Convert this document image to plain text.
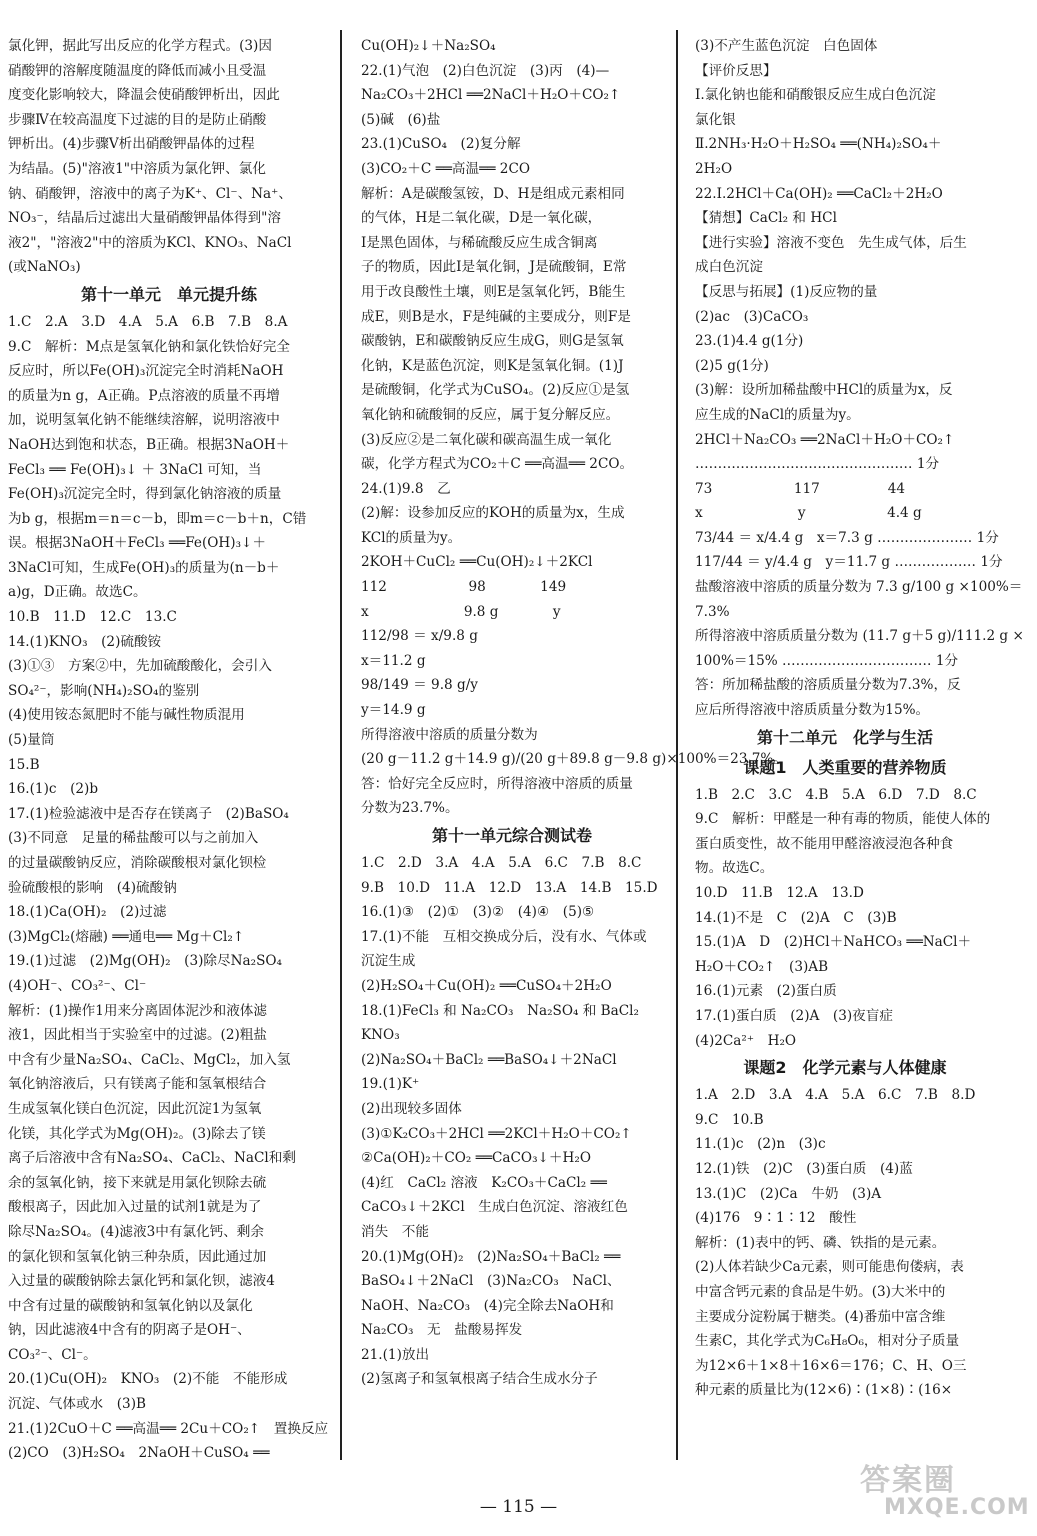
氯化钾，据此写出反应的化学方程式。(3)因
硝酸钾的溶解度随温度的降低而减小且受温
度变化影响较大，降温会使硝酸钾析出，因此
步骤Ⅳ在较高温度下过滤的目的是防止硝酸
钾析出。(4)步骤Ⅴ析出硝酸钾晶体的过程
为结晶。(5)"溶液1"中溶质为氯化钾、氯化
钠、硝酸钾，溶液中的离子为K⁺、Cl⁻、Na⁺、
NO₃⁻，结晶后过滤出大量硝酸钾晶体得到"溶
液2"，"溶液2"中的溶质为KCl、KNO₃、NaCl
(或NaNO₃)
第十一单元　单元提升练
1.C　2.A　3.D　4.A　5.A　6.B　7.B　8.A
9.C　解析：M点是氢氧化钠和氯化铁恰好完全
反应时，所以Fe(OH)₃沉淀完全时消耗NaOH
的质量为n g，A正确。P点溶液的质量不再增
加，说明氢氧化钠不能继续溶解，说明溶液中
NaOH达到饱和状态，B正确。根据3NaOH＋
FeCl₃ ══ Fe(OH)₃↓ ＋ 3NaCl 可知，当
Fe(OH)₃沉淀完全时，得到氯化钠溶液的质量
为b g，根据m＝n＝c－b，即m＝c－b＋n，C错
误。根据3NaOH＋FeCl₃ ══Fe(OH)₃↓＋
3NaCl可知，生成Fe(OH)₃的质量为(n－b＋
a)g，D正确。故选C。
10.B　11.D　12.C　13.C
14.(1)KNO₃　(2)硫酸铵
(3)①③　方案②中，先加硫酸酸化，会引入
SO₄²⁻，影响(NH₄)₂SO₄的鉴别
(4)使用铵态氮肥时不能与碱性物质混用
(5)量筒
15.B
16.(1)c　(2)b
17.(1)检验滤液中是否存在镁离子　(2)BaSO₄
(3)不同意　足量的稀盐酸可以与之前加入
的过量碳酸钠反应，消除碳酸根对氯化钡检
验硫酸根的影响　(4)硫酸钠
18.(1)Ca(OH)₂　(2)过滤
(3)MgCl₂(熔融) ══通电══ Mg＋Cl₂↑
19.(1)过滤　(2)Mg(OH)₂　(3)除尽Na₂SO₄
(4)OH⁻、CO₃²⁻、Cl⁻
解析：(1)操作1用来分离固体泥沙和液体滤
液1，因此相当于实验室中的过滤。(2)粗盐
中含有少量Na₂SO₄、CaCl₂、MgCl₂，加入氢
氧化钠溶液后，只有镁离子能和氢氧根结合
生成氢氧化镁白色沉淀，因此沉淀1为氢氧
化镁，其化学式为Mg(OH)₂。(3)除去了镁
离子后溶液中含有Na₂SO₄、CaCl₂、NaCl和剩
余的氢氧化钠，接下来就是用氯化钡除去硫
酸根离子，因此加入过量的试剂1就是为了
除尽Na₂SO₄。(4)滤液3中有氯化钙、剩余
的氯化钡和氢氧化钠三种杂质，因此通过加
入过量的碳酸钠除去氯化钙和氯化钡，滤液4
中含有过量的碳酸钠和氢氧化钠以及氯化
钠，因此滤液4中含有的阴离子是OH⁻、
CO₃²⁻、Cl⁻。
20.(1)Cu(OH)₂　KNO₃　(2)不能　不能形成
沉淀、气体或水　(3)B
21.(1)2CuO＋C ══高温══ 2Cu＋CO₂↑　置换反应
(2)CO　(3)H₂SO₄　2NaOH＋CuSO₄ ══
Cu(OH)₂↓＋Na₂SO₄
22.(1)气泡　(2)白色沉淀　(3)丙　(4)—
Na₂CO₃＋2HCl ══2NaCl＋H₂O＋CO₂↑
(5)碱　(6)盐
23.(1)CuSO₄　(2)复分解
(3)CO₂＋C ══高温══ 2CO
解析：A是碳酸氢铵，D、H是组成元素相同
的气体，H是二氧化碳，D是一氧化碳，
I是黑色固体，与稀硫酸反应生成含铜离
子的物质，因此I是氧化铜，J是硫酸铜，E常
用于改良酸性土壤，则E是氢氧化钙，B能生
成E，则B是水，F是纯碱的主要成分，则F是
碳酸钠，E和碳酸钠反应生成G，则G是氢氧
化钠，K是蓝色沉淀，则K是氢氧化铜。(1)J
是硫酸铜，化学式为CuSO₄。(2)反应①是氢
氧化钠和硫酸铜的反应，属于复分解反应。
(3)反应②是二氧化碳和碳高温生成一氧化
碳，化学方程式为CO₂＋C ══高温══ 2CO。
24.(1)9.8　乙
(2)解：设参加反应的KOH的质量为x，生成
KCl的质量为y。
2KOH＋CuCl₂ ══Cu(OH)₂↓＋2KCl
112　　　　　　98　　　　149
x　　　　　　　9.8 g　　　　y
112/98 ＝ x/9.8 g
x＝11.2 g
98/149 ＝ 9.8 g/y
y＝14.9 g
所得溶液中溶质的质量分数为
(20 g－11.2 g＋14.9 g)/(20 g＋89.8 g－9.8 g)×100%＝23.7%。
答：恰好完全反应时，所得溶液中溶质的质量
分数为23.7%。
第十一单元综合测试卷
1.C　2.D　3.A　4.A　5.A　6.C　7.B　8.C
9.B　10.D　11.A　12.D　13.A　14.B　15.D
16.(1)③　(2)①　(3)②　(4)④　(5)⑤
17.(1)不能　互相交换成分后，没有水、气体或
沉淀生成
(2)H₂SO₄＋Cu(OH)₂ ══CuSO₄＋2H₂O
18.(1)FeCl₃ 和 Na₂CO₃　Na₂SO₄ 和 BaCl₂
KNO₃
(2)Na₂SO₄＋BaCl₂ ══BaSO₄↓＋2NaCl
19.(1)K⁺
(2)出现较多固体
(3)①K₂CO₃＋2HCl ══2KCl＋H₂O＋CO₂↑
②Ca(OH)₂＋CO₂ ══CaCO₃↓＋H₂O
(4)红　CaCl₂ 溶液　K₂CO₃＋CaCl₂ ══
CaCO₃↓＋2KCl　生成白色沉淀、溶液红色
消失　不能
20.(1)Mg(OH)₂　(2)Na₂SO₄＋BaCl₂ ══
BaSO₄↓＋2NaCl　(3)Na₂CO₃　NaCl、
NaOH、Na₂CO₃　(4)完全除去NaOH和
Na₂CO₃　无　盐酸易挥发
21.(1)放出
(2)氢离子和氢氧根离子结合生成水分子
(3)不产生蓝色沉淀　白色固体
【评价反思】
Ⅰ.氯化钠也能和硝酸银反应生成白色沉淀
氯化银
Ⅱ.2NH₃·H₂O＋H₂SO₄ ══(NH₄)₂SO₄＋
2H₂O
22.Ⅰ.2HCl＋Ca(OH)₂ ══CaCl₂＋2H₂O
【猜想】CaCl₂ 和 HCl
【进行实验】溶液不变色　先生成气体，后生
成白色沉淀
【反思与拓展】(1)反应物的量
(2)ac　(3)CaCO₃
23.(1)4.4 g(1分)
(2)5 g(1分)
(3)解：设所加稀盐酸中HCl的质量为x，反
应生成的NaCl的质量为y。
2HCl＋Na₂CO₃ ══2NaCl＋H₂O＋CO₂↑
………………………………………… 1分
73　　　　　　117　　　　　44
x　　　　　　　y　　　　　　4.4 g
73/44 ＝ x/4.4 g　x＝7.3 g ………………… 1分
117/44 ＝ y/4.4 g　y＝11.7 g ……………… 1分
盐酸溶液中溶质的质量分数为 7.3 g/100 g ×100%＝
7.3%
所得溶液中溶质质量分数为 (11.7 g＋5 g)/111.2 g ×
100%＝15% …………………………… 1分
答：所加稀盐酸的溶质质量分数为7.3%，反
应后所得溶液中溶质质量分数为15%。
第十二单元　化学与生活
课题1　人类重要的营养物质
1.B　2.C　3.C　4.B　5.A　6.D　7.D　8.C
9.C　解析：甲醛是一种有毒的物质，能使人体的
蛋白质变性，故不能用甲醛溶液浸泡各种食
物。故选C。
10.D　11.B　12.A　13.D
14.(1)不是　C　(2)A　C　(3)B
15.(1)A　D　(2)HCl＋NaHCO₃ ══NaCl＋
H₂O＋CO₂↑　(3)AB
16.(1)元素　(2)蛋白质
17.(1)蛋白质　(2)A　(3)夜盲症
(4)2Ca²⁺　H₂O
课题2　化学元素与人体健康
1.A　2.D　3.A　4.A　5.A　6.C　7.B　8.D
9.C　10.B
11.(1)c　(2)n　(3)c
12.(1)铁　(2)C　(3)蛋白质　(4)蓝
13.(1)C　(2)Ca　牛奶　(3)A
(4)176　9∶1∶12　酸性
解析：(1)表中的钙、磷、铁指的是元素。
(2)人体若缺少Ca元素，则可能患佝偻病，表
中富含钙元素的食品是牛奶。(3)大米中的
主要成分淀粉属于糖类。(4)番茄中富含维
生素C，其化学式为C₆H₈O₆，相对分子质量
为12×6＋1×8＋16×6＝176；C、H、O三
种元素的质量比为(12×6)∶(1×8)∶(16×
— 115 —
答案圈
MXQE.COM
